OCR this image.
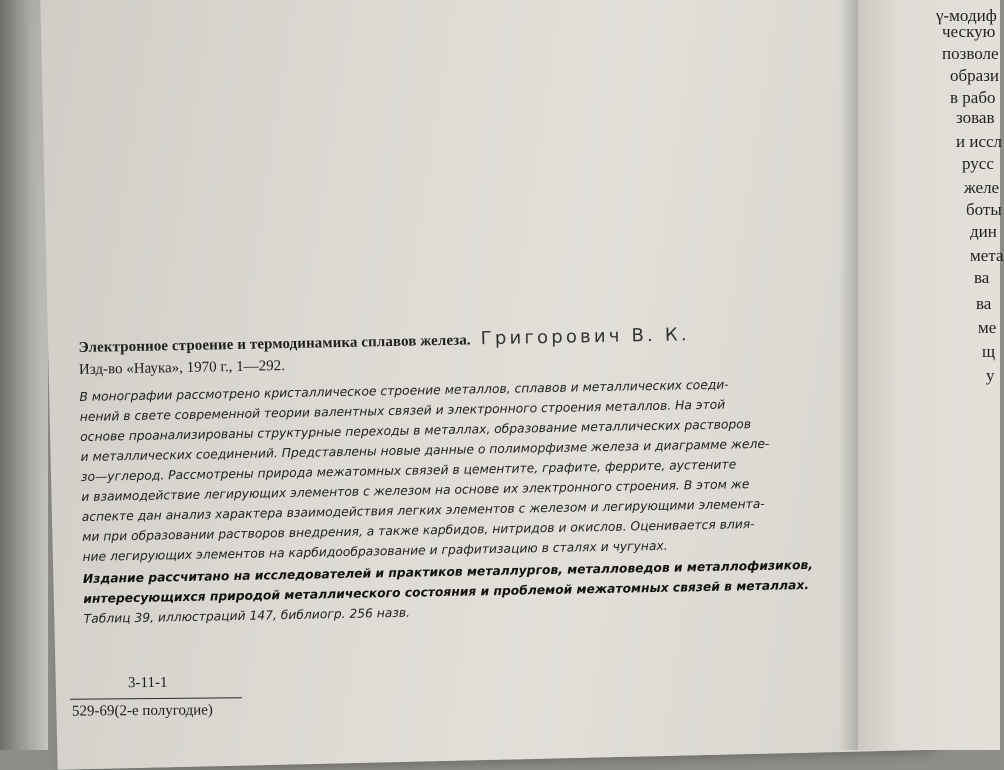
γ-модиф
ческую
позволе
образи
в рабо
зовав
и иссл
русс
желе
боты
дин
мета
ва
ва
ме
щ
у
Электронное строение и термодинамика сплавов железа. Григорович В. К.
Изд-во «Наука», 1970 г., 1—292.
В монографии рассмотрено кристаллическое строение металлов, сплавов и металлических соеди-
нений в свете современной теории валентных связей и электронного строения металлов. На этой
основе проанализированы структурные переходы в металлах, образование металлических растворов
и металлических соединений. Представлены новые данные о полиморфизме железа и диаграмме желе-
зо—углерод. Рассмотрены природа межатомных связей в цементите, графите, феррите, аустените
и взаимодействие легирующих элементов с железом на основе их электронного строения. В этом же
аспекте дан анализ характера взаимодействия легких элементов с железом и легирующими элемента-
ми при образовании растворов внедрения, а также карбидов, нитридов и окислов. Оценивается влия-
ние легирующих элементов на карбидообразование и графитизацию в сталях и чугунах.
Издание рассчитано на исследователей и практиков металлургов, металловедов и металлофизиков,
интересующихся природой металлического состояния и проблемой межатомных связей в металлах.
Таблиц 39, иллюстраций 147, библиогр. 256 назв.
3-11-1
529-69(2-е полугодие)
